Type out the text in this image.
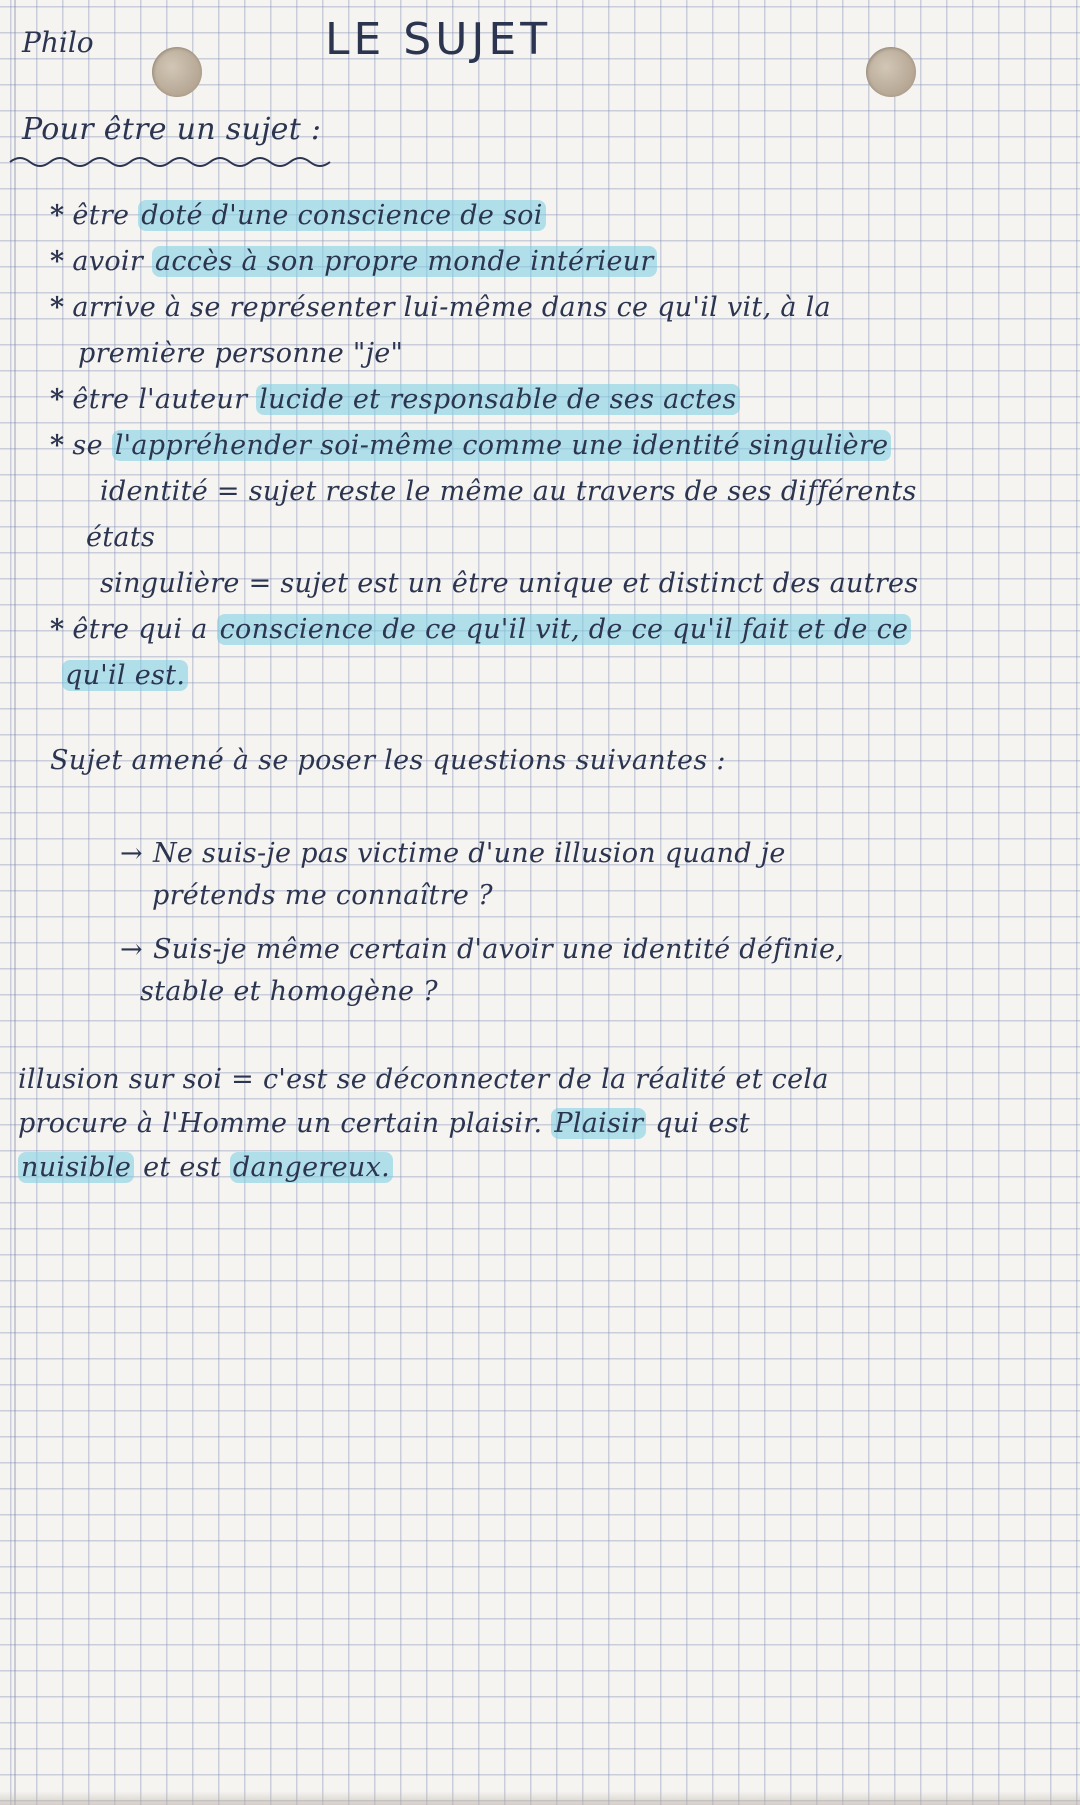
Philo	LE SUJET
Pour être un sujet :
* être doté d'une conscience de soi
* avoir accès à son propre monde intérieur
* arrive à se représenter lui-même dans ce qu'il vit, à la
première personne "je"
* être l'auteur lucide et responsable de ses actes
* se l'appréhender soi-même comme une identité singulière
identité = sujet reste le même au travers de ses différents
états
singulière = sujet est un être unique et distinct des autres
* être qui a conscience de ce qu'il vit, de ce qu'il fait et de ce
qu'il est.
Sujet amené à se poser les questions suivantes :
→ Ne suis-je pas victime d'une illusion quand je
prétends me connaître ?
→ Suis-je même certain d'avoir une identité définie,
stable et homogène ?
illusion sur soi = c'est se déconnecter de la réalité et cela
procure à l'Homme un certain plaisir. Plaisir qui est
nuisible et est dangereux.
